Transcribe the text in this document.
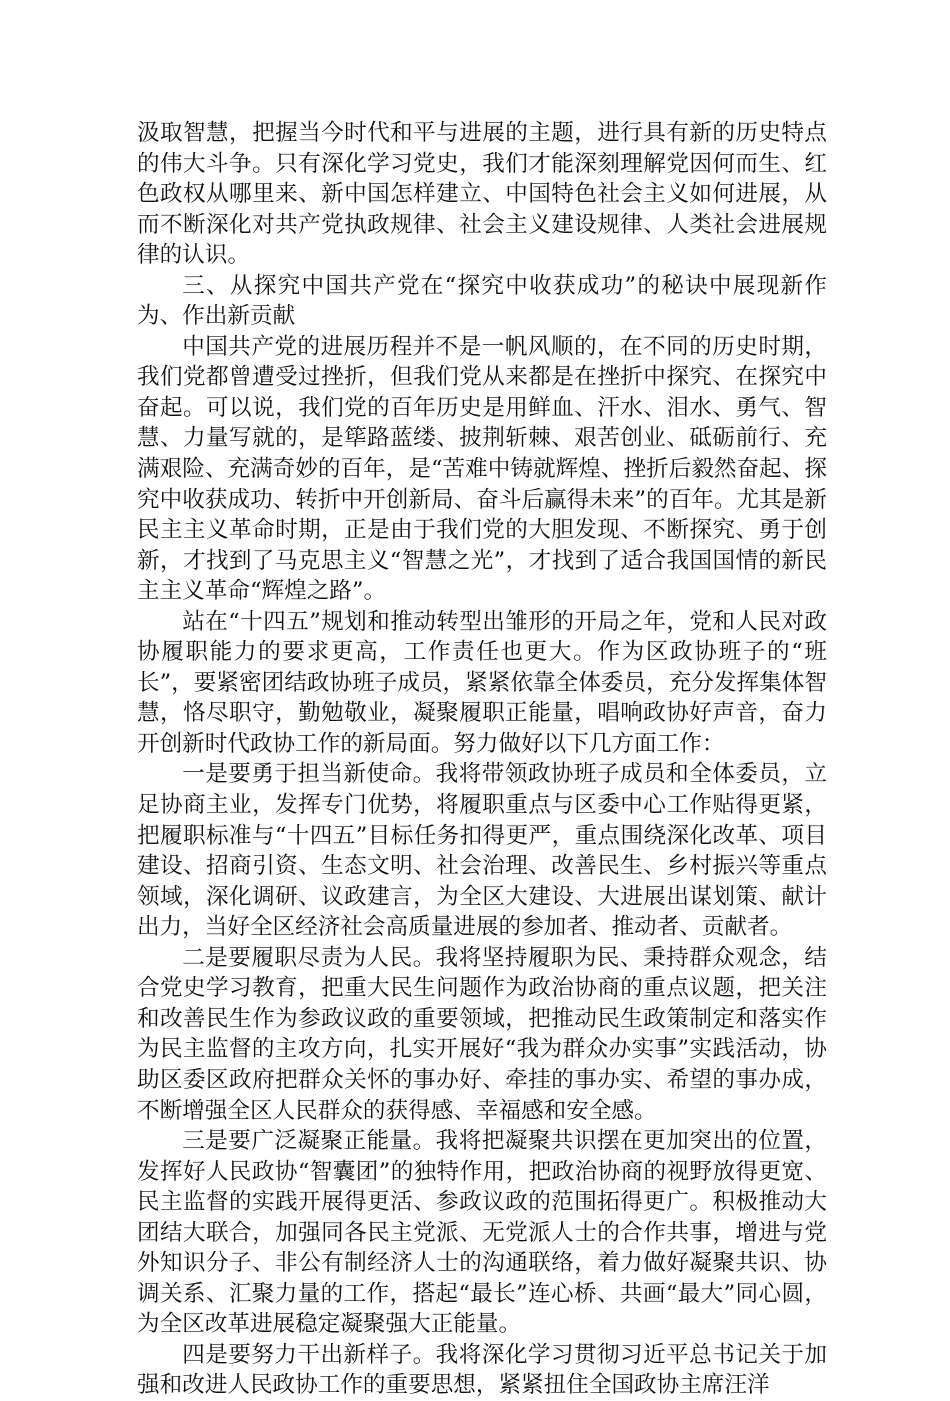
汲取智慧，把握当今时代和平与进展的主题，进行具有新的历史特点的伟大斗争。只有深化学习党史，我们才能深刻理解党因何而生、红色政权从哪里来、新中国怎样建立、中国特色社会主义如何进展，从而不断深化对共产党执政规律、社会主义建设规律、人类社会进展规律的认识。

三、从探究中国共产党在“探究中收获成功”的秘诀中展现新作为、作出新贡献

中国共产党的进展历程并不是一帆风顺的，在不同的历史时期，我们党都曾遭受过挫折，但我们党从来都是在挫折中探究、在探究中奋起。可以说，我们党的百年历史是用鲜血、汗水、泪水、勇气、智慧、力量写就的，是筚路蓝缕、披荆斩棘、艰苦创业、砥砺前行、充满艰险、充满奇妙的百年，是“苦难中铸就辉煌、挫折后毅然奋起、探究中收获成功、转折中开创新局、奋斗后赢得未来”的百年。尤其是新民主主义革命时期，正是由于我们党的大胆发现、不断探究、勇于创新，才找到了马克思主义“智慧之光”，才找到了适合我国国情的新民主主义革命“辉煌之路”。

站在“十四五”规划和推动转型出雏形的开局之年，党和人民对政协履职能力的要求更高，工作责任也更大。作为区政协班子的“班长”，要紧密团结政协班子成员，紧紧依靠全体委员，充分发挥集体智慧，恪尽职守，勤勉敬业，凝聚履职正能量，唱响政协好声音，奋力开创新时代政协工作的新局面。努力做好以下几方面工作：

一是要勇于担当新使命。我将带领政协班子成员和全体委员，立足协商主业，发挥专门优势，将履职重点与区委中心工作贴得更紧，把履职标准与“十四五”目标任务扣得更严，重点围绕深化改革、项目建设、招商引资、生态文明、社会治理、改善民生、乡村振兴等重点领域，深化调研、议政建言，为全区大建设、大进展出谋划策、献计出力，当好全区经济社会高质量进展的参加者、推动者、贡献者。

二是要履职尽责为人民。我将坚持履职为民、秉持群众观念，结合党史学习教育，把重大民生问题作为政治协商的重点议题，把关注和改善民生作为参政议政的重要领域，把推动民生政策制定和落实作为民主监督的主攻方向，扎实开展好“我为群众办实事”实践活动，协助区委区政府把群众关怀的事办好、牵挂的事办实、希望的事办成，不断增强全区人民群众的获得感、幸福感和安全感。

三是要广泛凝聚正能量。我将把凝聚共识摆在更加突出的位置，发挥好人民政协“智囊团”的独特作用，把政治协商的视野放得更宽、民主监督的实践开展得更活、参政议政的范围拓得更广。积极推动大团结大联合，加强同各民主党派、无党派人士的合作共事，增进与党外知识分子、非公有制经济人士的沟通联络，着力做好凝聚共识、协调关系、汇聚力量的工作，搭起“最长”连心桥、共画“最大”同心圆，为全区改革进展稳定凝聚强大正能量。

四是要努力干出新样子。我将深化学习贯彻习近平总书记关于加强和改进人民政协工作的重要思想，紧紧扭住全国政协主席汪洋
